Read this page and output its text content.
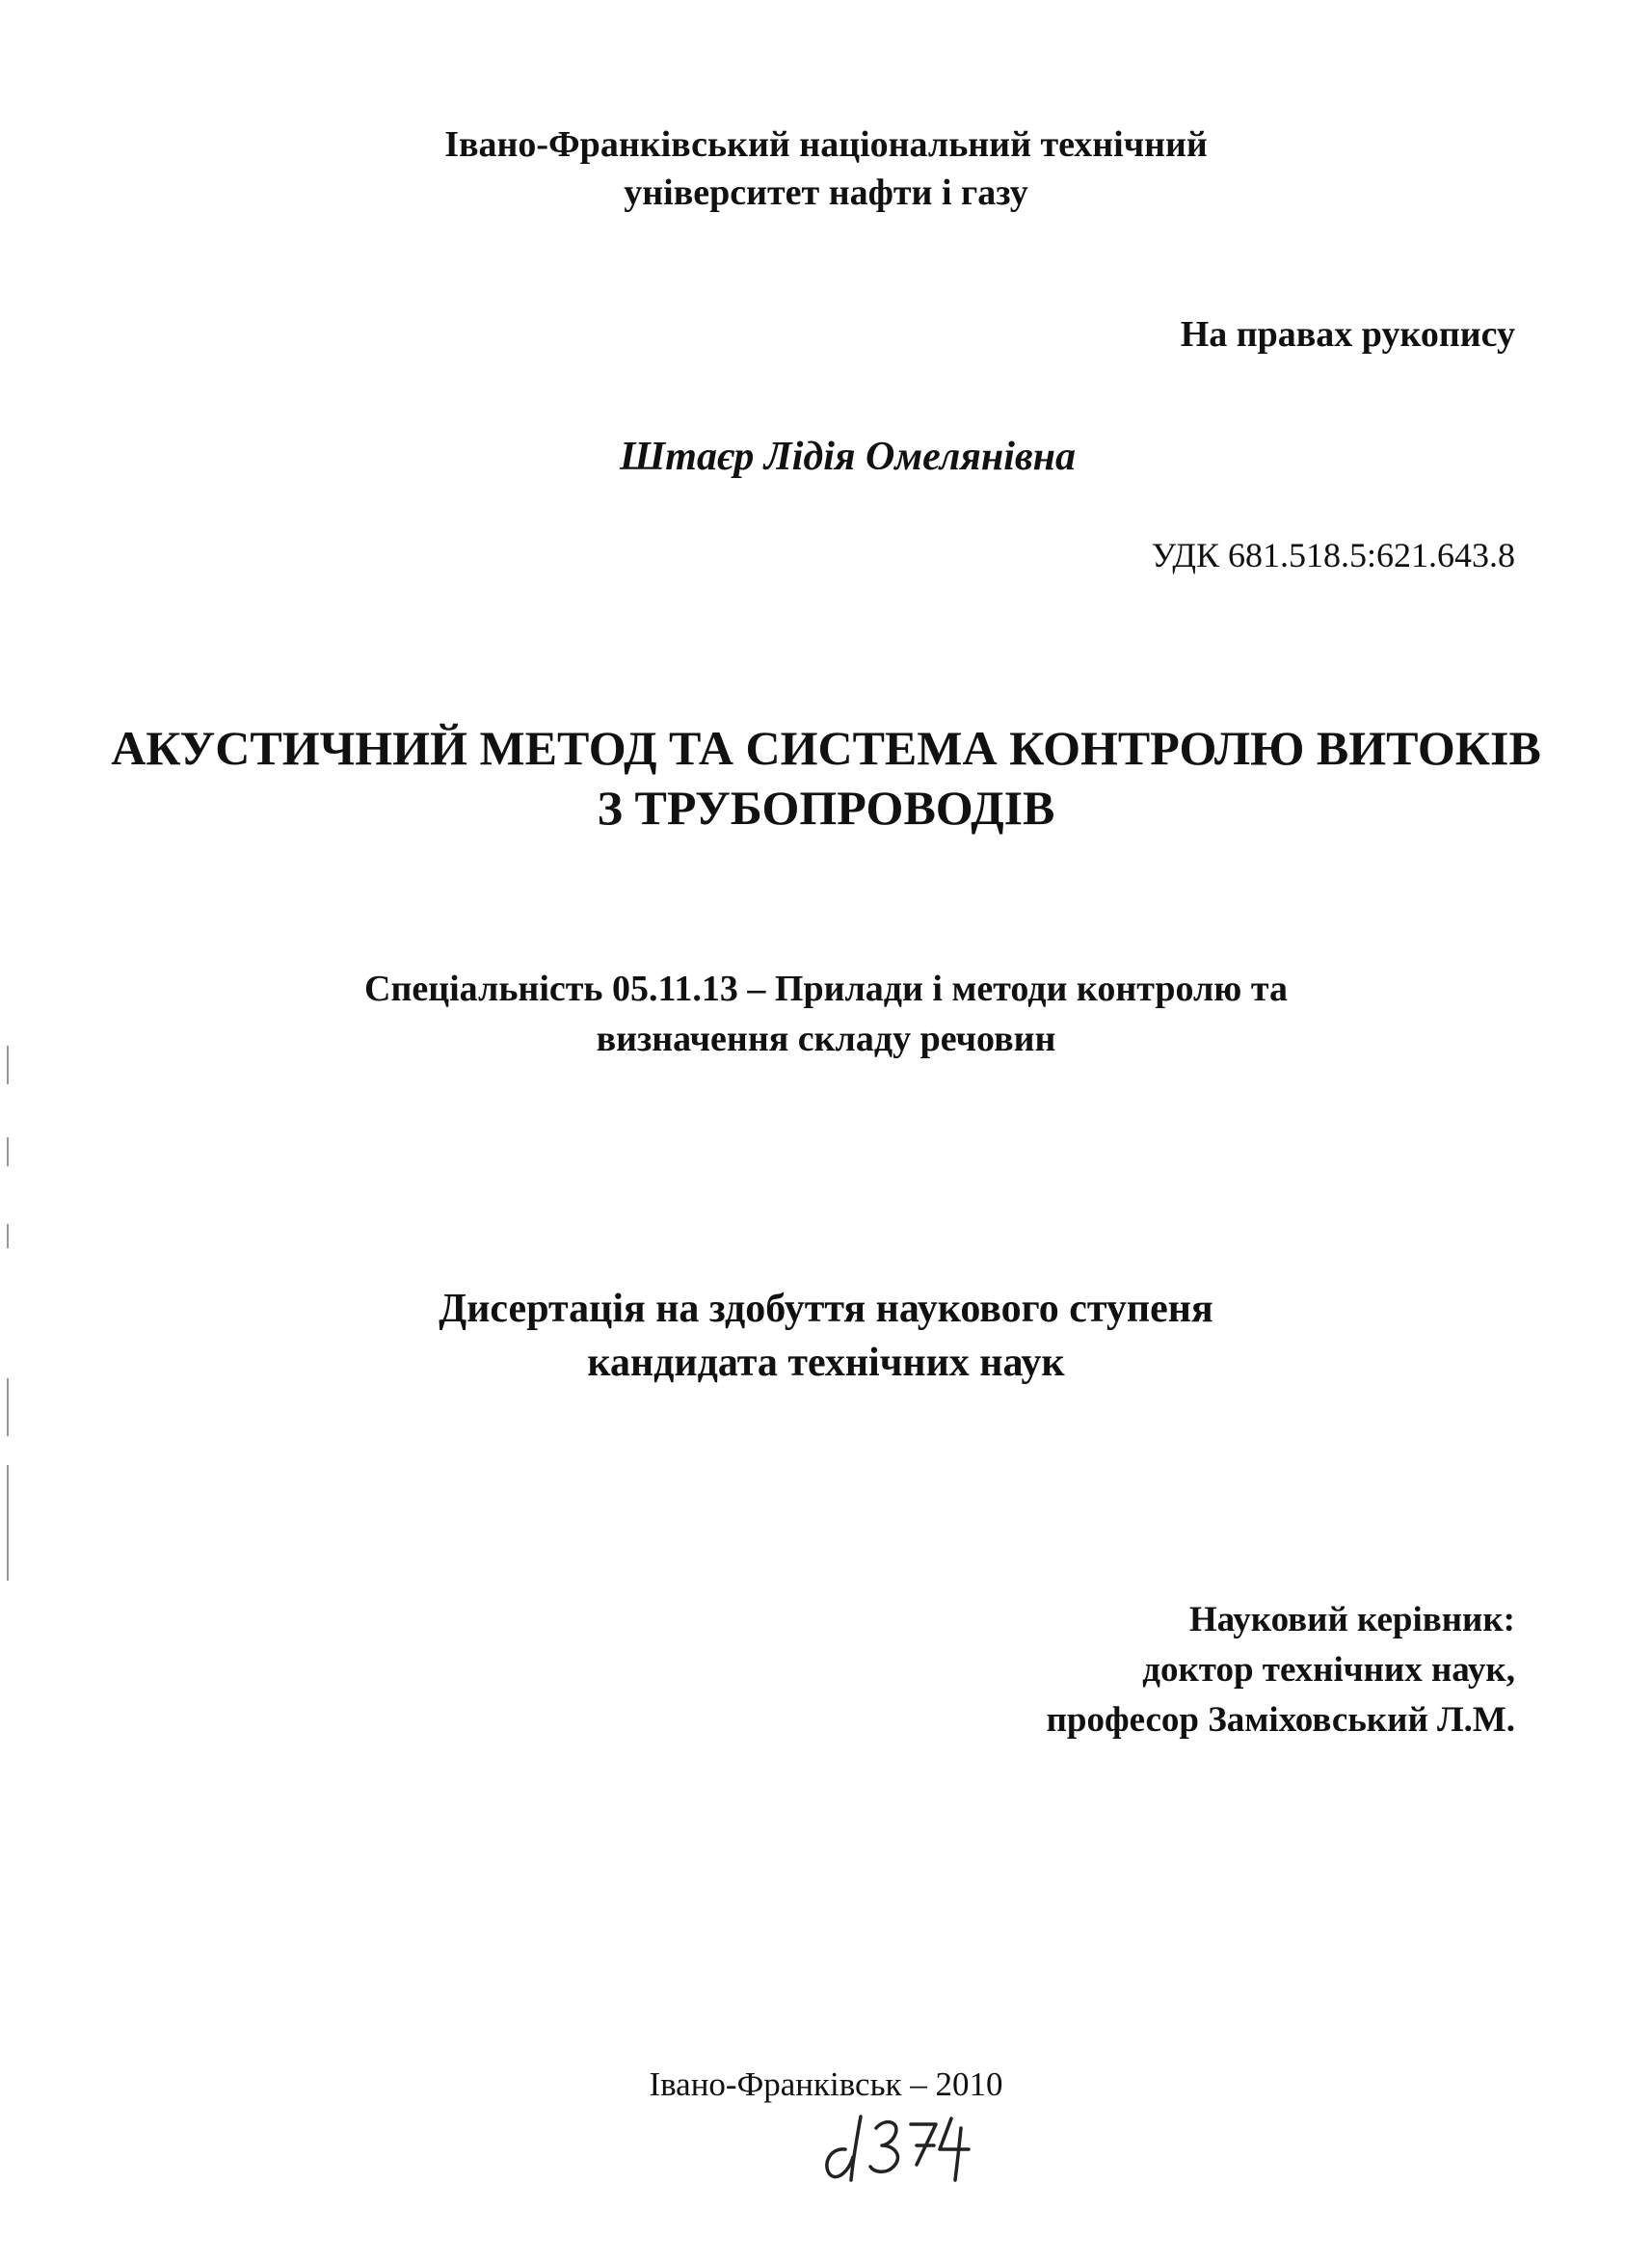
Івано-Франківський національний технічний
університет нафти і газу
На правах рукопису
Штаєр Лідія Омелянівна
УДК 681.518.5:621.643.8
АКУСТИЧНИЙ МЕТОД ТА СИСТЕМА КОНТРОЛЮ ВИТОКІВ
З ТРУБОПРОВОДІВ
Спеціальність 05.11.13 – Прилади і методи контролю та
визначення складу речовин
Дисертація на здобуття наукового ступеня
кандидата технічних наук
Науковий керівник:
доктор технічних наук,
професор Заміховський Л.М.
Івано-Франківськ – 2010
